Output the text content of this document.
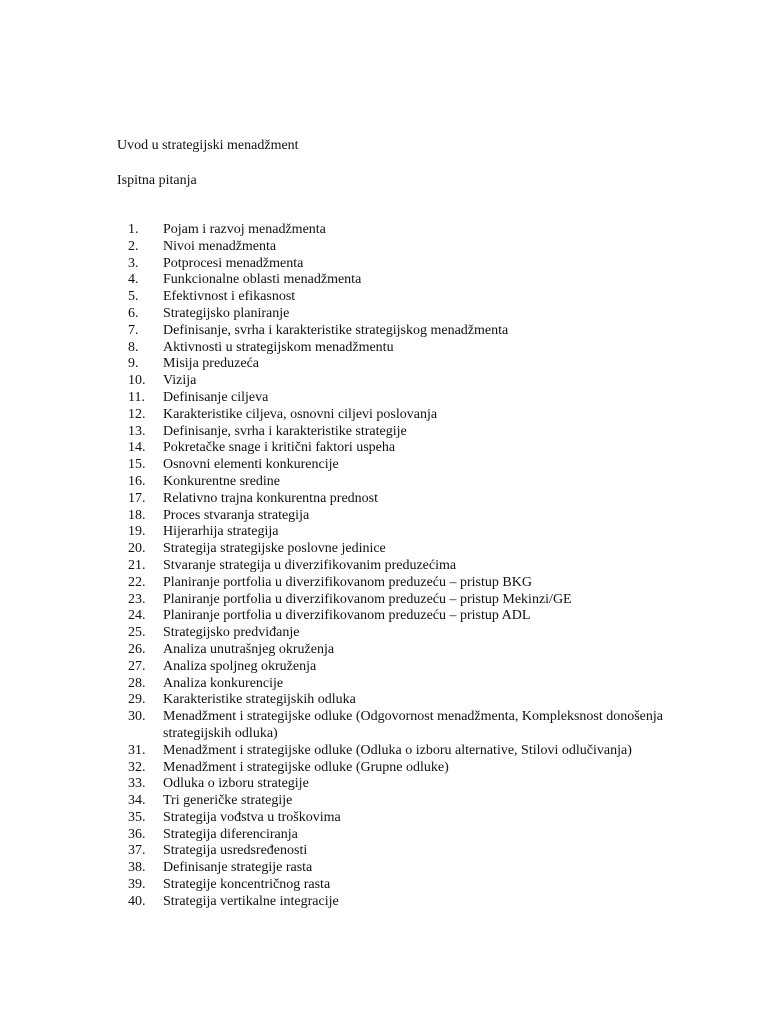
Uvod u strategijski menadžment
Ispitna pitanja
1.	Pojam i razvoj menadžmenta
2.	Nivoi menadžmenta
3.	Potprocesi menadžmenta
4.	Funkcionalne oblasti menadžmenta
5.	Efektivnost i efikasnost
6.	Strategijsko planiranje
7.	Definisanje, svrha i karakteristike strategijskog menadžmenta
8.	Aktivnosti u strategijskom menadžmentu
9.	Misija preduzeća
10.	Vizija
11.	Definisanje ciljeva
12.	Karakteristike ciljeva, osnovni ciljevi poslovanja
13.	Definisanje, svrha i karakteristike strategije
14.	Pokretačke snage i kritični faktori uspeha
15.	Osnovni elementi konkurencije
16.	Konkurentne sredine
17.	Relativno trajna konkurentna prednost
18.	Proces stvaranja strategija
19.	Hijerarhija strategija
20.	Strategija strategijske poslovne jedinice
21.	Stvaranje strategija u diverzifikovanim preduzećima
22.	Planiranje portfolia u diverzifikovanom preduzeću – pristup BKG
23.	Planiranje portfolia u diverzifikovanom preduzeću – pristup Mekinzi/GE
24.	Planiranje portfolia u diverzifikovanom preduzeću – pristup ADL
25.	Strategijsko predviđanje
26.	Analiza unutrašnjeg okruženja
27.	Analiza spoljneg okruženja
28.	Analiza konkurencije
29.	Karakteristike strategijskih odluka
30.	Menadžment i strategijske odluke (Odgovornost menadžmenta, Kompleksnost donošenja strategijskih odluka)
31.	Menadžment i strategijske odluke (Odluka o izboru alternative, Stilovi odlučivanja)
32.	Menadžment i strategijske odluke (Grupne odluke)
33.	Odluka o izboru strategije
34.	Tri generičke strategije
35.	Strategija vođstva u troškovima
36.	Strategija diferenciranja
37.	Strategija usredsređenosti
38.	Definisanje strategije rasta
39.	Strategije koncentričnog rasta
40.	Strategija vertikalne integracije
